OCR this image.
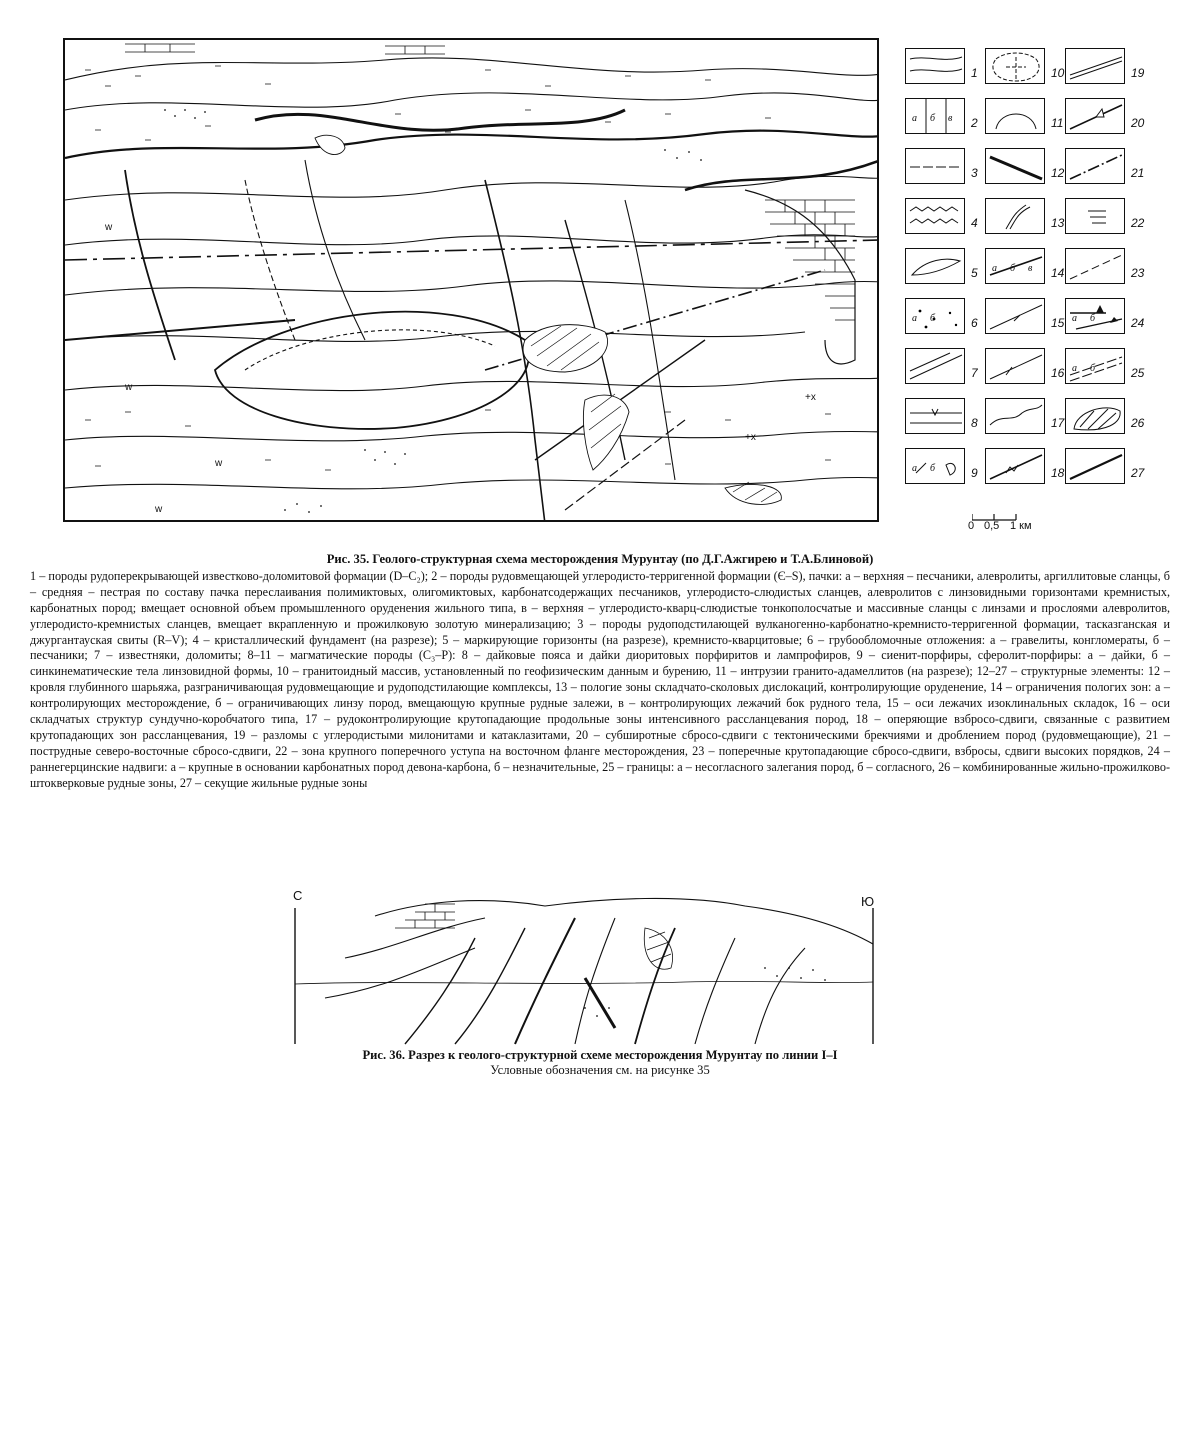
w
w
w
w
+x
+x
1
а б в 2
3
4
5
а б	6
7
8
а б	9
10
11
12
13
а б в 14
15
16
17
18
19
20
21
22
23
а б	24
а б	25
26
27
0 0,5 1 км
Рис. 35. Геолого-структурная схема месторождения Мурунтау (по Д.Г.Ажгирею и Т.А.Блиновой)
1 – породы рудоперекрывающей известково-доломитовой формации (D–C₂); 2 – породы рудовмещающей углеродисто-терригенной формации (Є–S), пачки: а – верхняя – песчаники, алевролиты, аргиллитовые сланцы, б – средняя – пестрая по составу пачка переслаивания полимиктовых, олигомиктовых, карбонатсодержащих песчаников, углеродисто-слюдистых сланцев, алевролитов с линзовидными горизонтами кремнистых, карбонатных пород; вмещает основной объем промышленного оруденения жильного типа, в – верхняя – углеродисто-кварц-слюдистые тонкополосчатые и массивные сланцы с линзами и прослоями алевролитов, углеродисто-кремнистых сланцев, вмещает вкрапленную и прожилковую золотую минерализацию; 3 – породы рудоподстилающей вулканогенно-карбонатно-кремнисто-терригенной формации, тасказганская и джургантауская свиты (R–V); 4 – кристаллический фундамент (на разрезе); 5 – маркирующие горизонты (на разрезе), кремнисто-кварцитовые; 6 – грубообломочные отложения: а – гравелиты, конгломераты, б – песчаники; 7 – известняки, доломиты; 8–11 – магматические породы (C₃–P): 8 – дайковые пояса и дайки диоритовых порфиритов и лампрофиров, 9 – сиенит-порфиры, сферолит-порфиры: а – дайки, б – синкинематические тела линзовидной формы, 10 – гранитоидный массив, установленный по геофизическим данным и бурению, 11 – интрузии гранито-адамеллитов (на разрезе); 12–27 – структурные элементы: 12 – кровля глубинного шарьяжа, разграничивающая рудовмещающие и рудоподстилающие комплексы, 13 – пологие зоны складчато-сколовых дислокаций, контролирующие оруденение, 14 – ограничения пологих зон: а – контролирующих месторождение, б – ограничивающих линзу пород, вмещающую крупные рудные залежи, в – контролирующих лежачий бок рудного тела, 15 – оси лежачих изоклинальных складок, 16 – оси складчатых структур сундучно-коробчатого типа, 17 – рудоконтролирующие крутопадающие продольные зоны интенсивного рассланцевания пород, 18 – оперяющие взбросо-сдвиги, связанные с развитием крутопадающих зон рассланцевания, 19 – разломы с углеродистыми милонитами и катаклазитами, 20 – субширотные сбросо-сдвиги с тектоническими брекчиями и дроблением пород (рудовмещающие), 21 – пострудные северо-восточные сбросо-сдвиги, 22 – зона крупного поперечного уступа на восточном фланге месторождения, 23 – поперечные крутопадающие сбросо-сдвиги, взбросы, сдвиги высоких порядков, 24 – раннегерцинские надвиги: а – крупные в основании карбонатных пород девона-карбона, б – незначительные, 25 – границы: а – несогласного залегания пород, б – согласного, 26 – комбинированные жильно-прожилково-штокверковые рудные зоны, 27 – секущие жильные рудные зоны
С	Ю
Рис. 36. Разрез к геолого-структурной схеме месторождения Мурунтау по линии I–I
Условные обозначения см. на рисунке 35
